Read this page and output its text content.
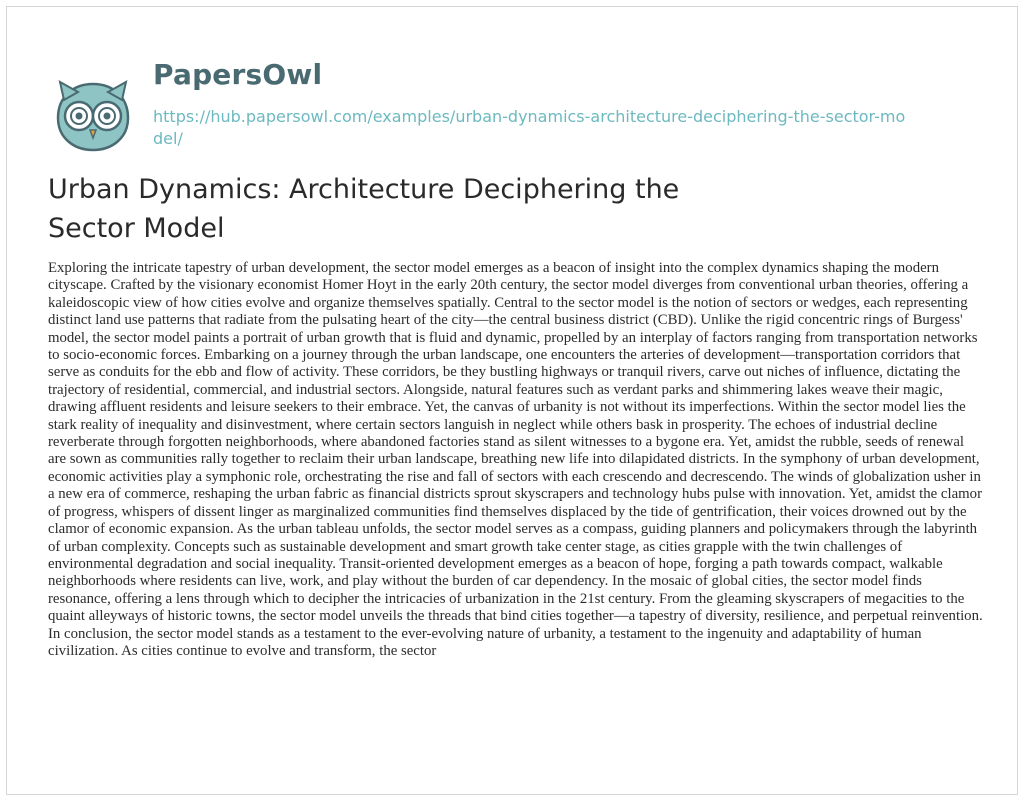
PapersOwl
https://hub.papersowl.com/examples/urban-dynamics-architecture-deciphering-the-sector-model/
Urban Dynamics: Architecture Deciphering the Sector Model

Exploring the intricate tapestry of urban development, the sector model emerges as a beacon of insight into the complex dynamics shaping the modern cityscape. Crafted by the visionary economist Homer Hoyt in the early 20th century, the sector model diverges from conventional urban theories, offering a kaleidoscopic view of how cities evolve and organize themselves spatially. Central to the sector model is the notion of sectors or wedges, each representing distinct land use patterns that radiate from the pulsating heart of the city—the central business district (CBD). Unlike the rigid concentric rings of Burgess' model, the sector model paints a portrait of urban growth that is fluid and dynamic, propelled by an interplay of factors ranging from transportation networks to socio-economic forces. Embarking on a journey through the urban landscape, one encounters the arteries of development—transportation corridors that serve as conduits for the ebb and flow of activity. These corridors, be they bustling highways or tranquil rivers, carve out niches of influence, dictating the trajectory of residential, commercial, and industrial sectors. Alongside, natural features such as verdant parks and shimmering lakes weave their magic, drawing affluent residents and leisure seekers to their embrace. Yet, the canvas of urbanity is not without its imperfections. Within the sector model lies the stark reality of inequality and disinvestment, where certain sectors languish in neglect while others bask in prosperity. The echoes of industrial decline reverberate through forgotten neighborhoods, where abandoned factories stand as silent witnesses to a bygone era. Yet, amidst the rubble, seeds of renewal are sown as communities rally together to reclaim their urban landscape, breathing new life into dilapidated districts. In the symphony of urban development, economic activities play a symphonic role, orchestrating the rise and fall of sectors with each crescendo and decrescendo. The winds of globalization usher in a new era of commerce, reshaping the urban fabric as financial districts sprout skyscrapers and technology hubs pulse with innovation. Yet, amidst the clamor of progress, whispers of dissent linger as marginalized communities find themselves displaced by the tide of gentrification, their voices drowned out by the clamor of economic expansion. As the urban tableau unfolds, the sector model serves as a compass, guiding planners and policymakers through the labyrinth of urban complexity. Concepts such as sustainable development and smart growth take center stage, as cities grapple with the twin challenges of environmental degradation and social inequality. Transit-oriented development emerges as a beacon of hope, forging a path towards compact, walkable neighborhoods where residents can live, work, and play without the burden of car dependency. In the mosaic of global cities, the sector model finds resonance, offering a lens through which to decipher the intricacies of urbanization in the 21st century. From the gleaming skyscrapers of megacities to the quaint alleyways of historic towns, the sector model unveils the threads that bind cities together—a tapestry of diversity, resilience, and perpetual reinvention. In conclusion, the sector model stands as a testament to the ever-evolving nature of urbanity, a testament to the ingenuity and adaptability of human civilization. As cities continue to evolve and transform, the sector
